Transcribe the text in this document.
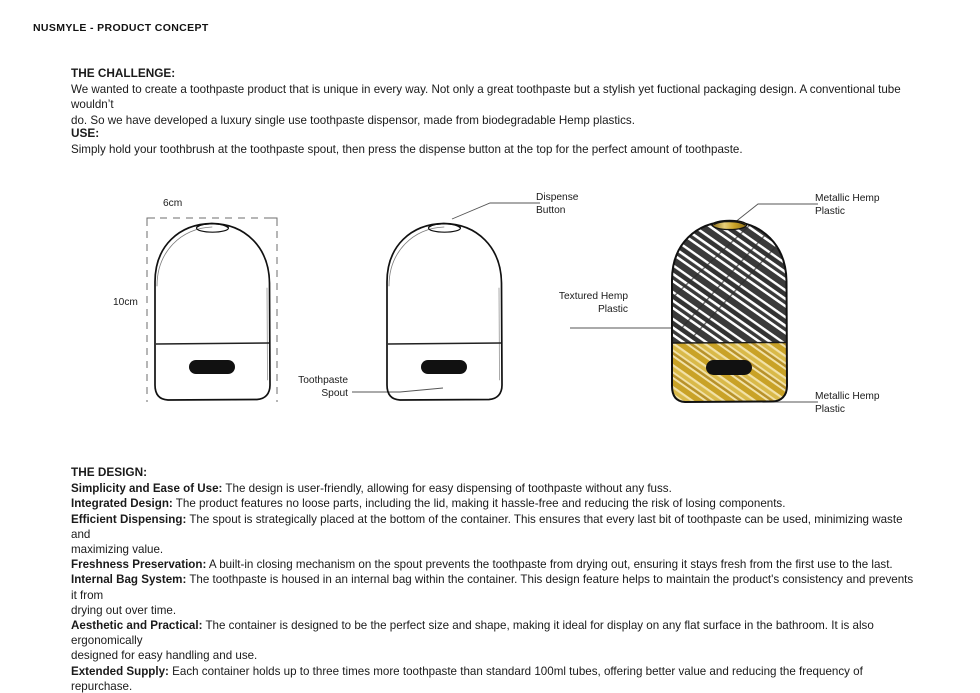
NUSMYLE - PRODUCT CONCEPT
THE CHALLENGE:
We wanted to create a toothpaste product that is unique in every way. Not only a great toothpaste but a stylish yet fuctional packaging design. A conventional tube wouldn’t
do. So we have developed a luxury single use toothpaste dispensor, made from biodegradable Hemp plastics.
USE:
Simply hold your toothbrush at the toothpaste spout, then press the dispense button at the top for the perfect amount of toothpaste.
6cm
10cm
Dispense
Button
Toothpaste
Spout
Metallic Hemp
Plastic
Textured Hemp
Plastic
Metallic Hemp
Plastic
THE DESIGN:
Simplicity and Ease of Use: The design is user-friendly, allowing for easy dispensing of toothpaste without any fuss.
Integrated Design: The product features no loose parts, including the lid, making it hassle-free and reducing the risk of losing components.
Efficient Dispensing: The spout is strategically placed at the bottom of the container. This ensures that every last bit of toothpaste can be used, minimizing waste and
maximizing value.
Freshness Preservation: A built-in closing mechanism on the spout prevents the toothpaste from drying out, ensuring it stays fresh from the first use to the last.
Internal Bag System: The toothpaste is housed in an internal bag within the container. This design feature helps to maintain the product's consistency and prevents it from
drying out over time.
Aesthetic and Practical: The container is designed to be the perfect size and shape, making it ideal for display on any flat surface in the bathroom. It is also ergonomically
designed for easy handling and use.
Extended Supply: Each container holds up to three times more toothpaste than standard 100ml tubes, offering better value and reducing the frequency of repurchase.
